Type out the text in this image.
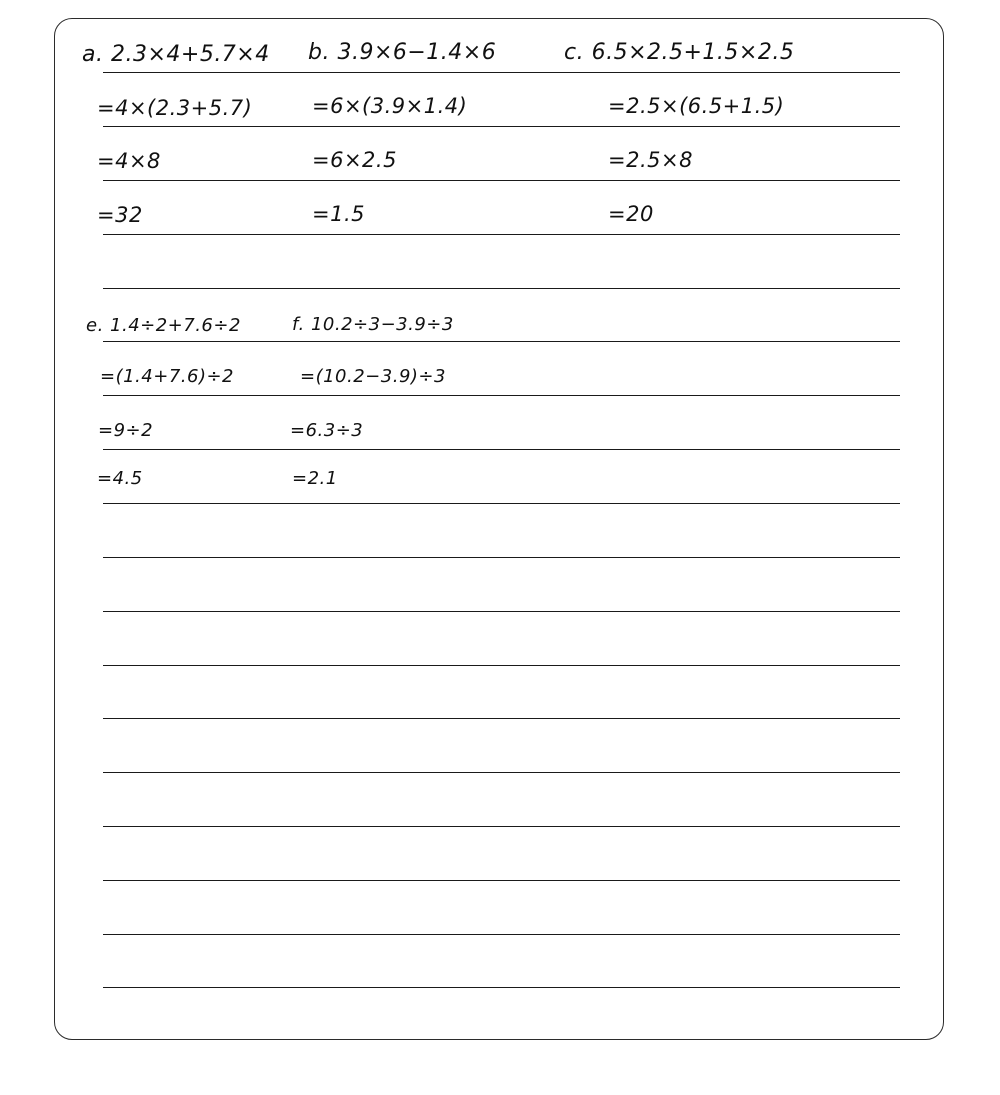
a. 2.3×4+5.7×4
=4×(2.3+5.7)
=4×8
=32
b. 3.9×6−1.4×6
=6×(3.9×1.4)
=6×2.5
=1.5
c. 6.5×2.5+1.5×2.5
=2.5×(6.5+1.5)
=2.5×8
=20
e. 1.4÷2+7.6÷2
=(1.4+7.6)÷2
=9÷2
=4.5
f. 10.2÷3−3.9÷3
=(10.2−3.9)÷3
=6.3÷3
=2.1
